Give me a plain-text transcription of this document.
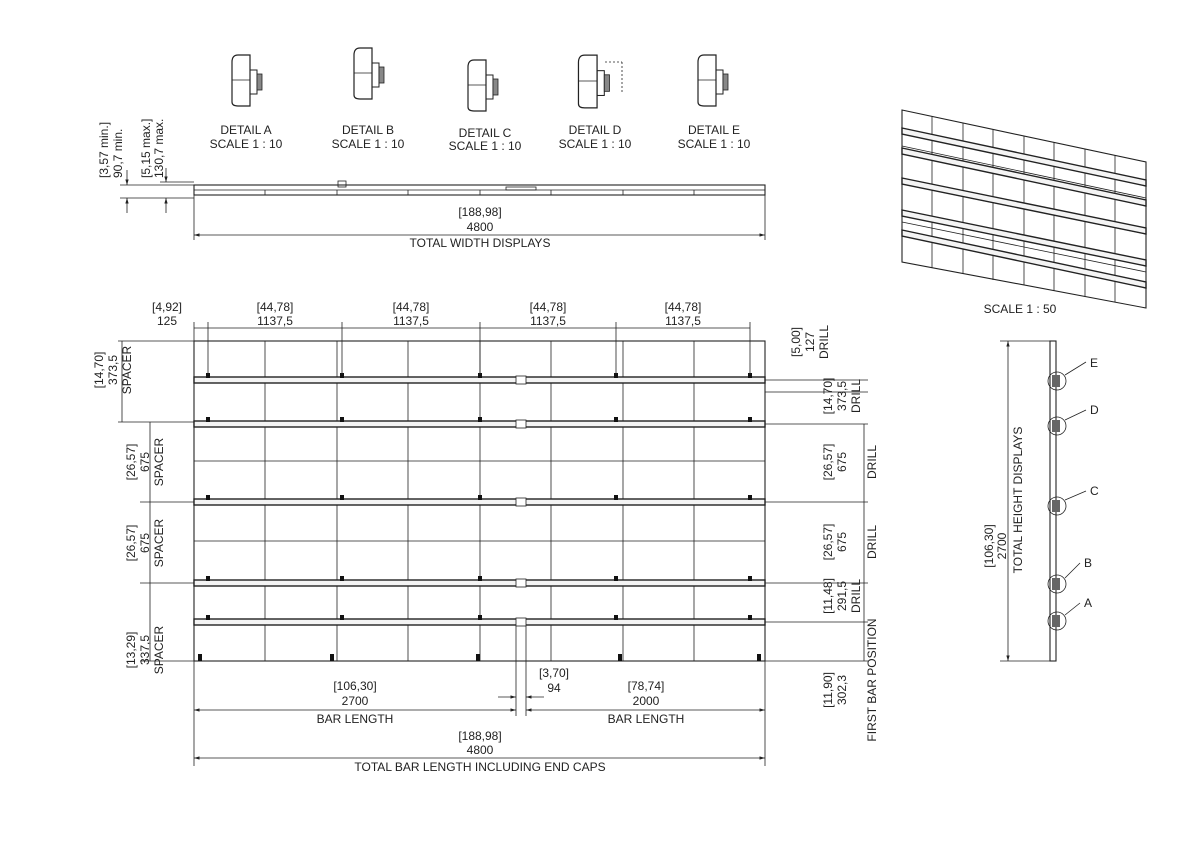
DETAIL A
SCALE 1 : 10
DETAIL B
SCALE 1 : 10
DETAIL C
SCALE 1 : 10
DETAIL D
SCALE 1 : 10
DETAIL E
SCALE 1 : 10
[3,57 min.] 90,7 min. [5,15 max.] 130,7 max.
[188,98]
4800
TOTAL WIDTH DISPLAYS
SCALE 1 : 50
[4,92]
125
[44,78]
1137,5
[44,78]
1137,5
[44,78]
1137,5
[44,78]
1137,5
[14,70] 373,5 SPACER
[26,57] 675 SPACER
[26,57] 675 SPACER
[13,29] 337,5 SPACER
[5,00] 127 DRILL
[14,70] 373,5 DRILL
[26,57] 675 DRILL
[26,57] 675 DRILL
[11,48] 291,5 DRILL
[11,90] 302,3 FIRST BAR POSITION
[106,30]
2700
BAR LENGTH
[3,70]
94	[78,74]
2000
BAR LENGTH
[188,98]
4800
TOTAL BAR LENGTH INCLUDING END CAPS
E
D
C
B
A
[106,30] 2700 TOTAL HEIGHT DISPLAYS
